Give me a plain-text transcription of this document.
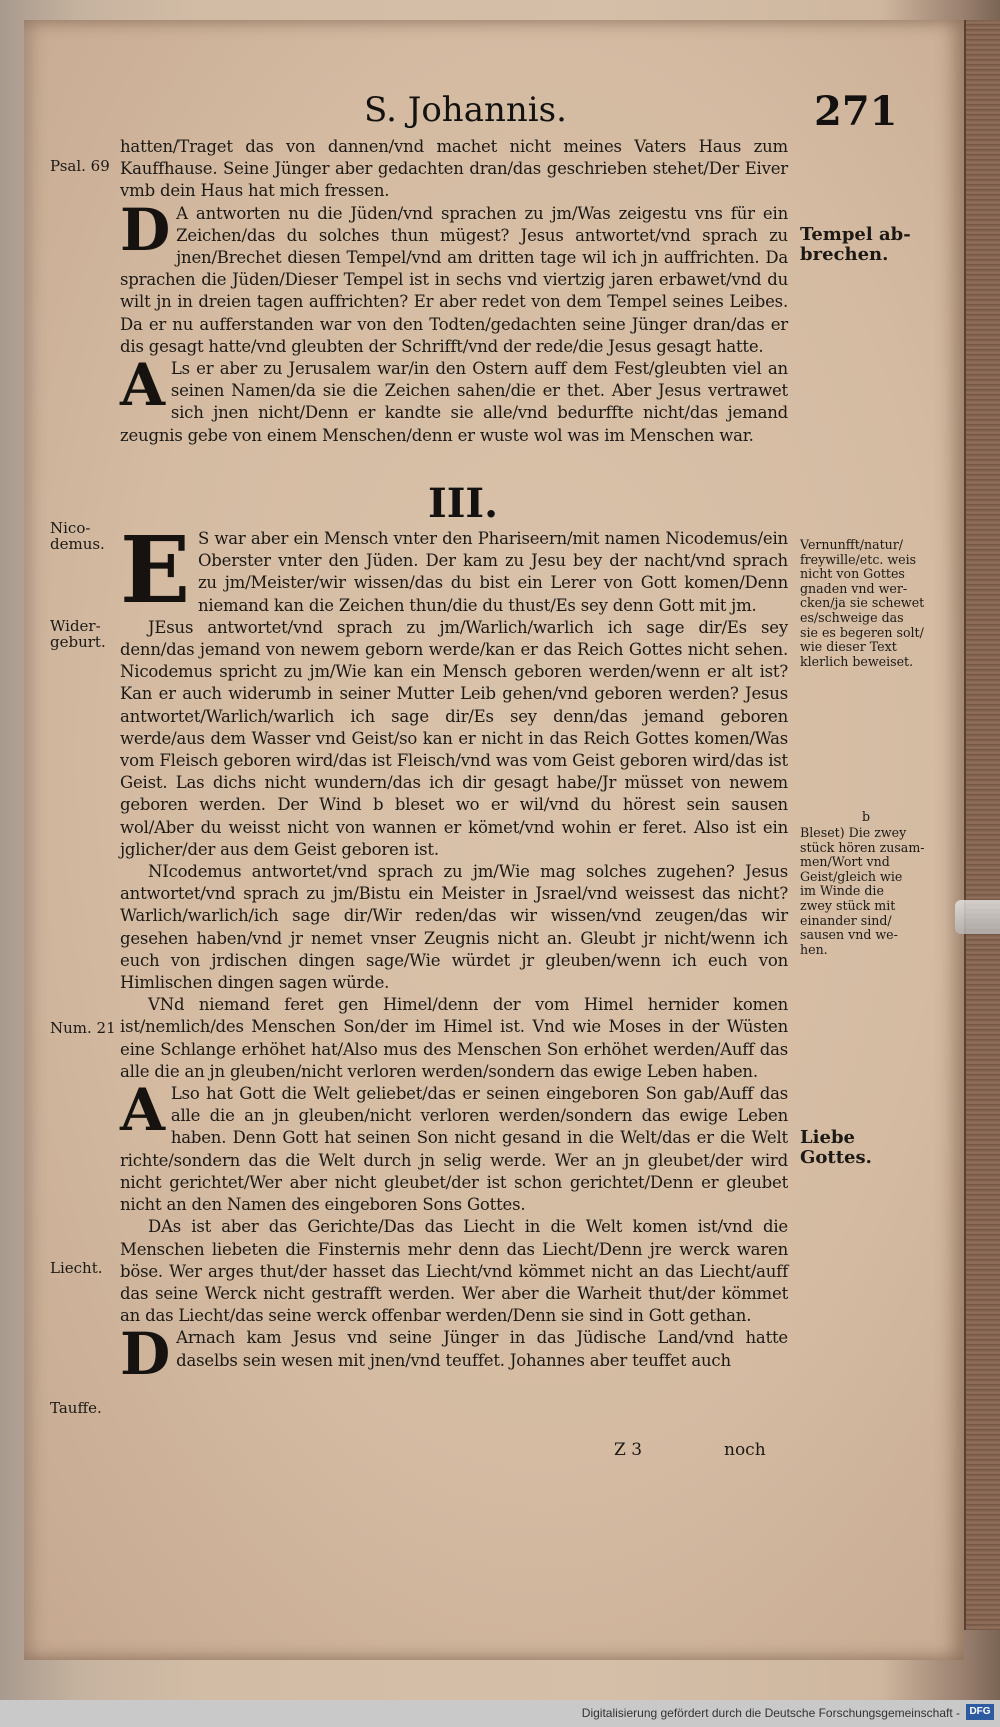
S. Johannis.	271

hatten/Traget das von dannen/vnd machet nicht meines Vaters Haus zum Kauffhause. Seine Jünger aber gedachten dran/das geschrieben stehet/Der Eiver vmb dein Haus hat mich fressen.

D A antworten nu die Jüden/vnd sprachen zu jm/Was zeigestu vns für ein Zeichen/das du solches thun mügest? Jesus antwortet/vnd sprach zu jnen/Brechet diesen Tempel/vnd am dritten tage wil ich jn auffrichten. Da sprachen die Jüden/Dieser Tempel ist in sechs vnd viertzig jaren erbawet/vnd du wilt jn in dreien tagen auffrichten? Er aber redet von dem Tempel seines Leibes. Da er nu aufferstanden war von den Todten/gedachten seine Jünger dran/das er dis gesagt hatte/vnd gleubten der Schrifft/vnd der rede/die Jesus gesagt hatte.

A Ls er aber zu Jerusalem war/in den Ostern auff dem Fest/gleubten viel an seinen Namen/da sie die Zeichen sahen/die er thet. Aber Jesus vertrawet sich jnen nicht/Denn er kandte sie alle/vnd bedurffte nicht/das jemand zeugnis gebe von einem Menschen/denn er wuste wol was im Menschen war.

III.

E S war aber ein Mensch vnter den Phariseern/mit namen Nicodemus/ein Oberster vnter den Jüden. Der kam zu Jesu bey der nacht/vnd sprach zu jm/Meister/wir wissen/das du bist ein Lerer von Gott komen/Denn niemand kan die Zeichen thun/die du thust/Es sey denn Gott mit jm.

JEsus antwortet/vnd sprach zu jm/Warlich/warlich ich sage dir/Es sey denn/das jemand von newem geborn werde/kan er das Reich Gottes nicht sehen. Nicodemus spricht zu jm/Wie kan ein Mensch geboren werden/wenn er alt ist? Kan er auch widerumb in seiner Mutter Leib gehen/vnd geboren werden? Jesus antwortet/Warlich/warlich ich sage dir/Es sey denn/das jemand geboren werde/aus dem Wasser vnd Geist/so kan er nicht in das Reich Gottes komen/Was vom Fleisch geboren wird/das ist Fleisch/vnd was vom Geist geboren wird/das ist Geist. Las dichs nicht wundern/das ich dir gesagt habe/Jr müsset von newem geboren werden. Der Wind b bleset wo er wil/vnd du hörest sein sausen wol/Aber du weisst nicht von wannen er kömet/vnd wohin er feret. Also ist ein jglicher/der aus dem Geist geboren ist.

NIcodemus antwortet/vnd sprach zu jm/Wie mag solches zugehen? Jesus antwortet/vnd sprach zu jm/Bistu ein Meister in Jsrael/vnd weissest das nicht? Warlich/warlich/ich sage dir/Wir reden/das wir wissen/vnd zeugen/das wir gesehen haben/vnd jr nemet vnser Zeugnis nicht an. Gleubt jr nicht/wenn ich euch von jrdischen dingen sage/Wie würdet jr gleuben/wenn ich euch von Himlischen dingen sagen würde.

VNd niemand feret gen Himel/denn der vom Himel hernider komen ist/nemlich/des Menschen Son/der im Himel ist. Vnd wie Moses in der Wüsten eine Schlange erhöhet hat/Also mus des Menschen Son erhöhet werden/Auff das alle die an jn gleuben/nicht verloren werden/sondern das ewige Leben haben.

A Lso hat Gott die Welt geliebet/das er seinen eingeboren Son gab/Auff das alle die an jn gleuben/nicht verloren werden/sondern das ewige Leben haben. Denn Gott hat seinen Son nicht gesand in die Welt/das er die Welt richte/sondern das die Welt durch jn selig werde. Wer an jn gleubet/der wird nicht gerichtet/Wer aber nicht gleubet/der ist schon gerichtet/Denn er gleubet nicht an den Namen des eingeboren Sons Gottes.

DAs ist aber das Gerichte/Das das Liecht in die Welt komen ist/vnd die Menschen liebeten die Finsternis mehr denn das Liecht/Denn jre werck waren böse. Wer arges thut/der hasset das Liecht/vnd kömmet nicht an das Liecht/auff das seine Werck nicht gestrafft werden. Wer aber die Warheit thut/der kömmet an das Liecht/das seine werck offenbar werden/Denn sie sind in Gott gethan.

D Arnach kam Jesus vnd seine Jünger in das Jüdische Land/vnd hatte daselbs sein wesen mit jnen/vnd teuffet. Johannes aber teuffet auch

Psal. 69
Nico-
demus.
Wider-
geburt.
Num. 21
Liecht.
Tauffe.
Tempel ab-
brechen.
Vernunfft/natur/
freywille/etc. weis
nicht von Gottes
gnaden vnd wer-
cken/ja sie schewet
es/schweige das
sie es begeren solt/
wie dieser Text
klerlich beweiset.
b
Bleset) Die zwey
stück hören zusam-
men/Wort vnd
Geist/gleich wie
im Winde die
zwey stück mit
einander sind/
sausen vnd we-
hen.
Liebe Gottes.
Z 3	noch
Digitalisierung gefördert durch die Deutsche Forschungsgemeinschaft - DFG
